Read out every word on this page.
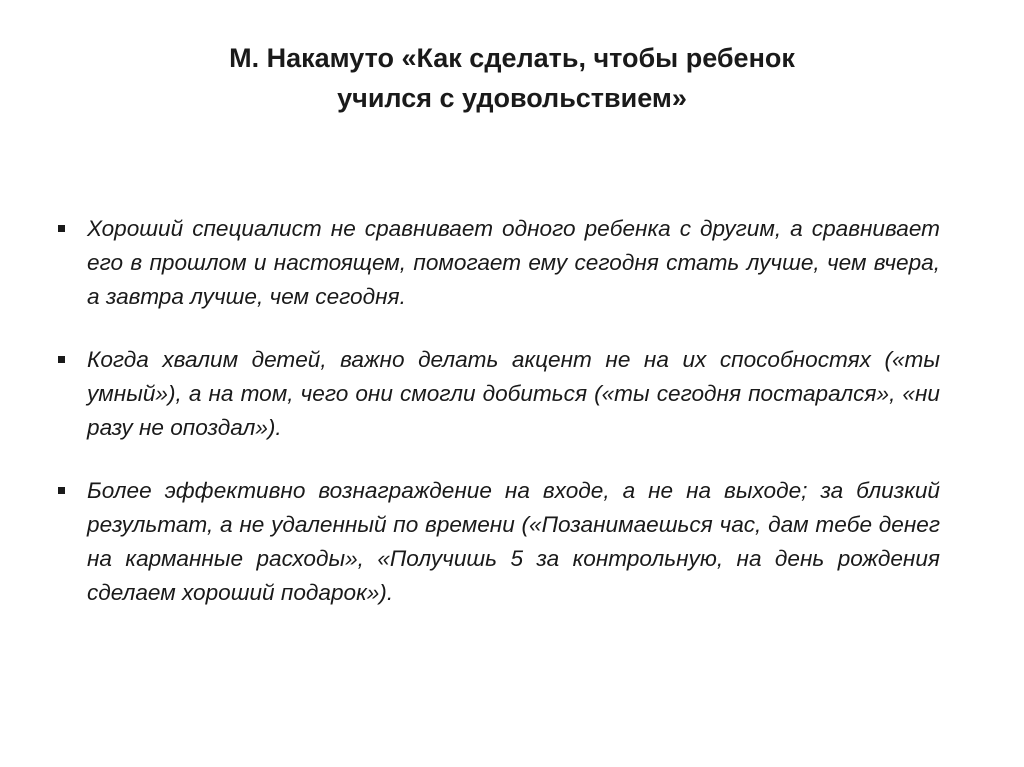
М. Накамуто «Как сделать, чтобы ребенок
учился с удовольствием»
Хороший специалист не сравнивает одного ребенка с другим, а сравнивает его в прошлом и настоящем, помогает ему сегодня стать лучше, чем вчера, а завтра лучше, чем сегодня.
Когда хвалим детей, важно делать акцент не на их способностях («ты умный»), а на том, чего они смогли добиться («ты сегодня постарался», «ни разу не опоздал»).
Более эффективно вознаграждение на входе, а не на выходе; за близкий результат, а не удаленный по времени («Позанимаешься час, дам тебе денег на карманные расходы», «Получишь 5 за контрольную, на день рождения сделаем хороший подарок»).
